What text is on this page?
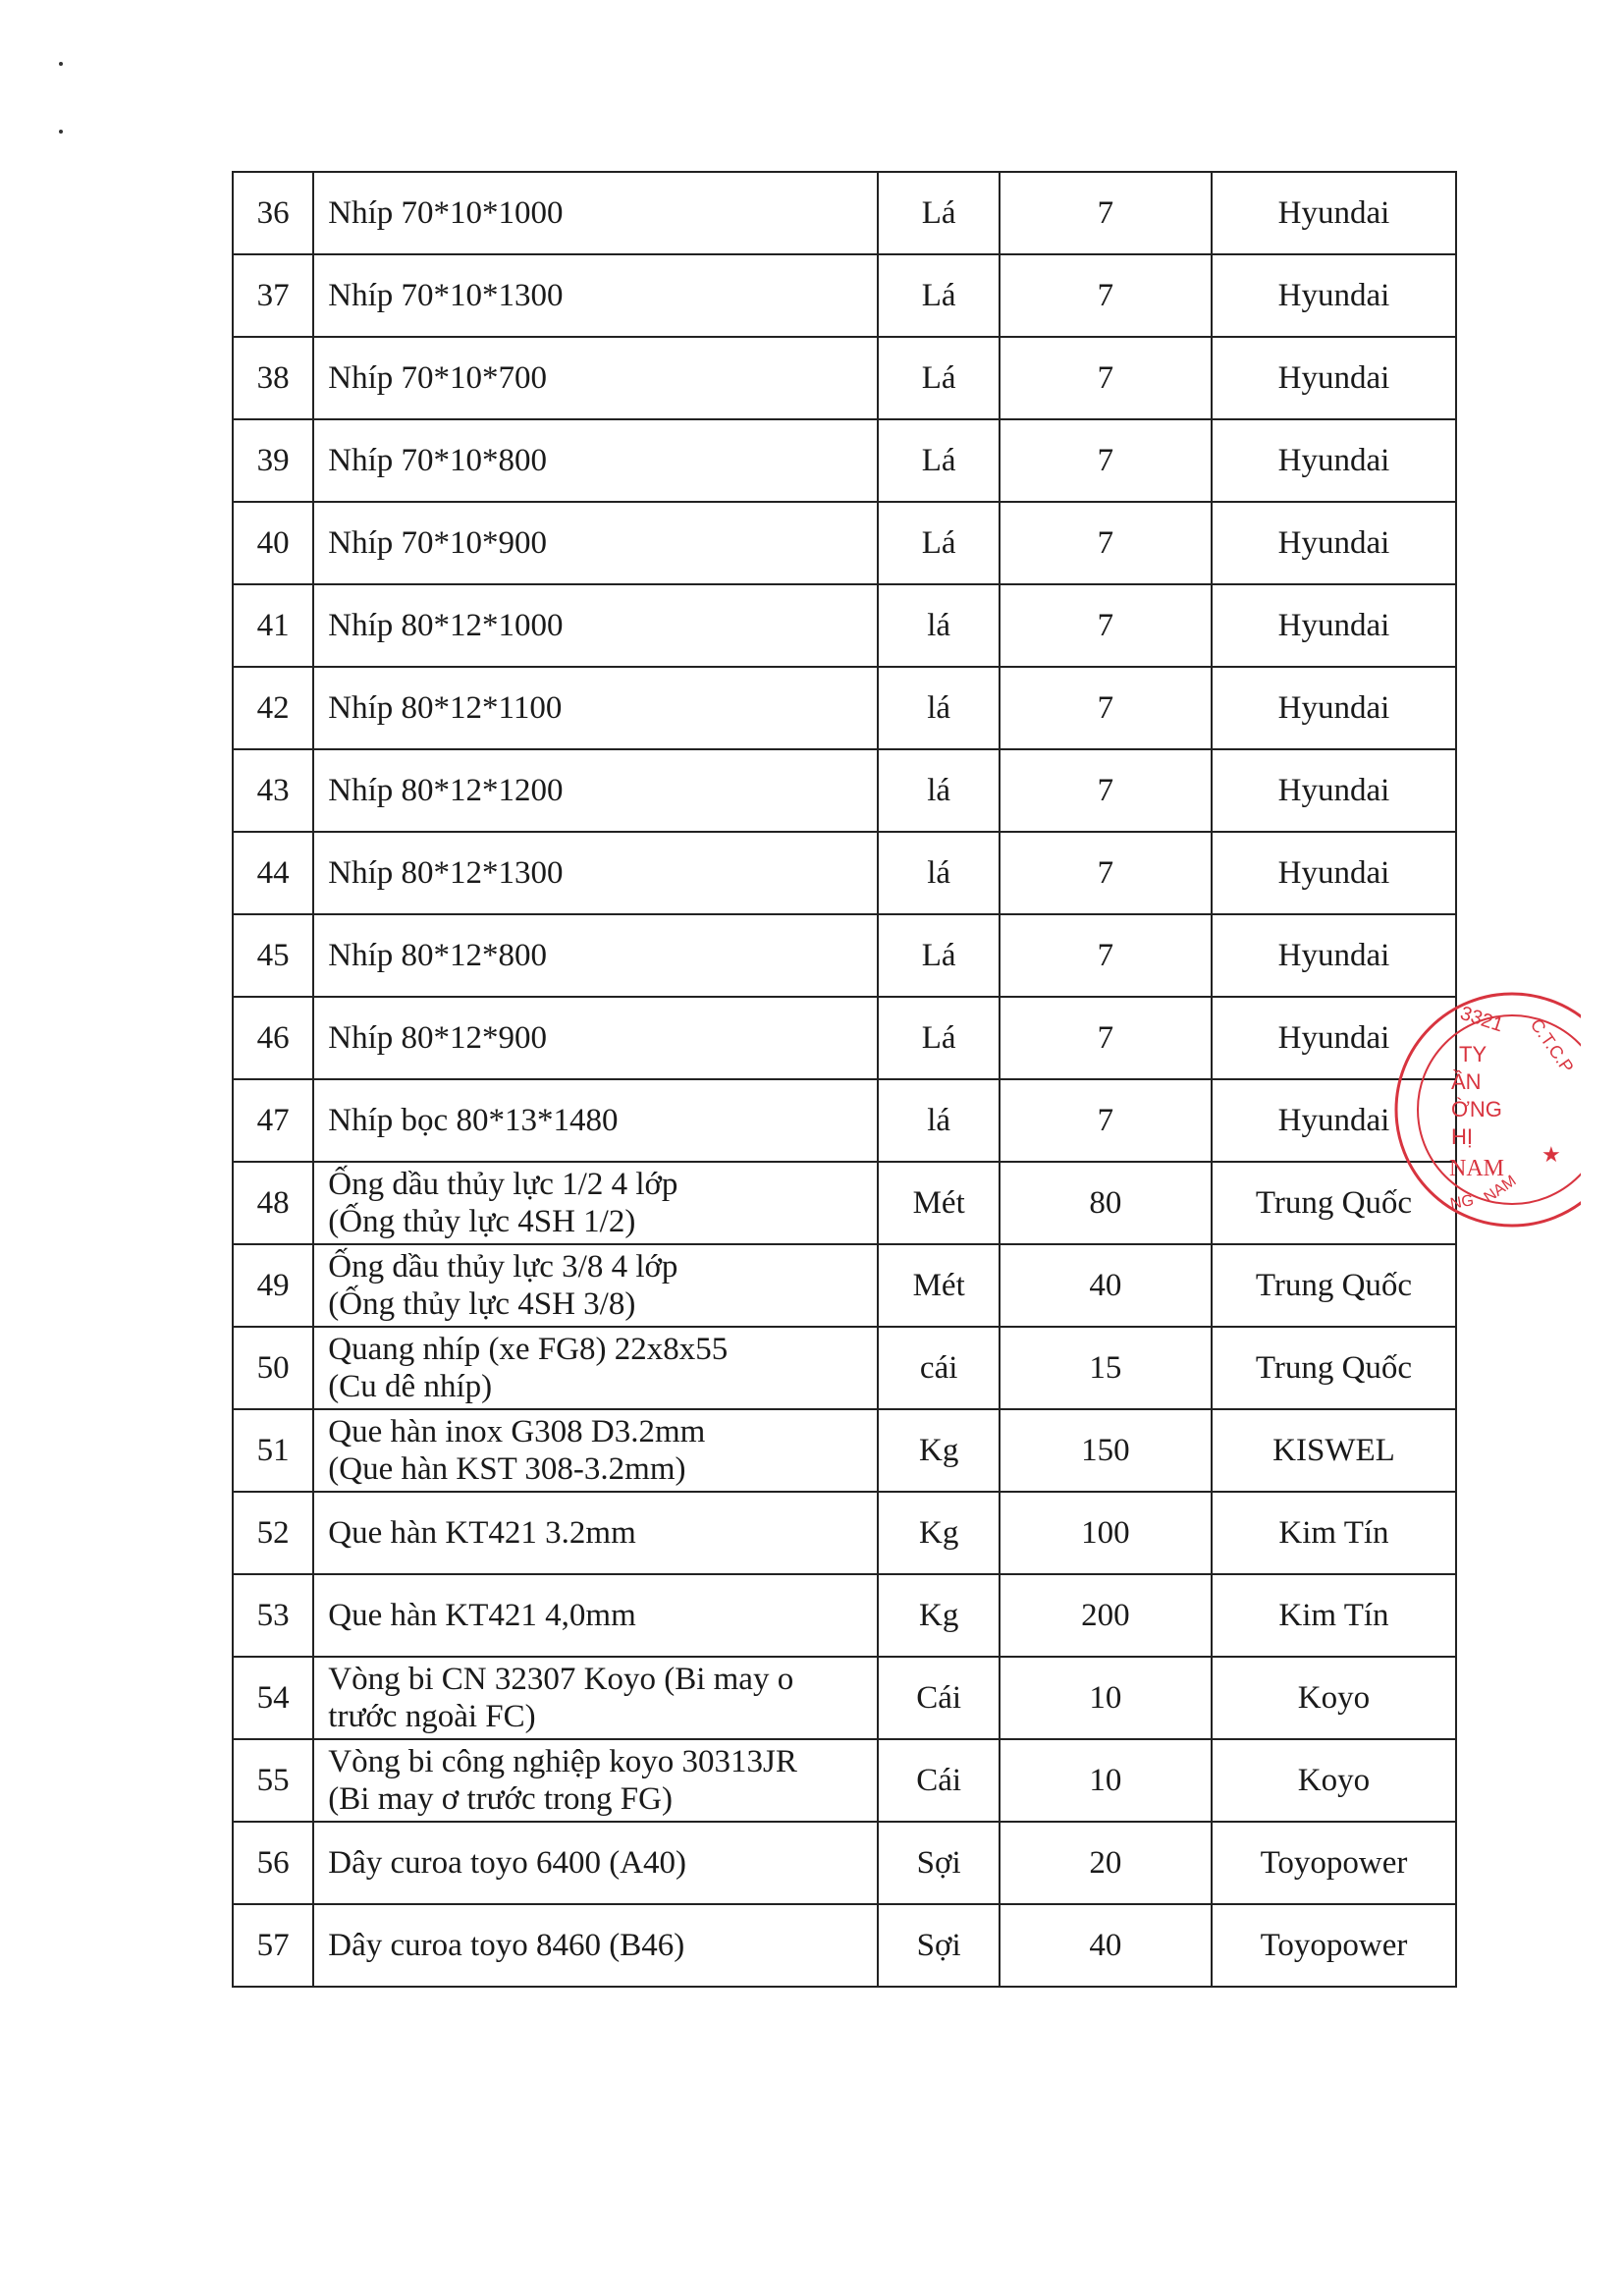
36	Nhíp 70*10*1000	Lá	7	Hyundai
37	Nhíp 70*10*1300	Lá	7	Hyundai
38	Nhíp 70*10*700	Lá	7	Hyundai
39	Nhíp 70*10*800	Lá	7	Hyundai
40	Nhíp 70*10*900	Lá	7	Hyundai
41	Nhíp 80*12*1000	lá	7	Hyundai
42	Nhíp 80*12*1100	lá	7	Hyundai
43	Nhíp 80*12*1200	lá	7	Hyundai
44	Nhíp 80*12*1300	lá	7	Hyundai
45	Nhíp 80*12*800	Lá	7	Hyundai
46	Nhíp 80*12*900	Lá	7	Hyundai
47	Nhíp bọc 80*13*1480	lá	7	Hyundai
48	Ống dầu thủy lực 1/2 4 lớp
(Ống thủy lực 4SH 1/2)	Mét	80	Trung Quốc
49	Ống dầu thủy lực 3/8 4 lớp
(Ống thủy lực 4SH 3/8)	Mét	40	Trung Quốc
50	Quang nhíp (xe FG8) 22x8x55
(Cu dê nhíp)	cái	15	Trung Quốc
51	Que hàn inox G308 D3.2mm
(Que hàn KST 308-3.2mm)	Kg	150	KISWEL
52	Que hàn KT421 3.2mm	Kg	100	Kim Tín
53	Que hàn KT421 4,0mm	Kg	200	Kim Tín
54	Vòng bi CN 32307 Koyo (Bi may o
trước ngoài FC)	Cái	10	Koyo
55	Vòng bi công nghiệp koyo 30313JR
(Bi may ơ trước trong FG)	Cái	10	Koyo
56	Dây curoa toyo 6400 (A40)	Sợi	20	Toyopower
57	Dây curoa toyo 8460 (B46)	Sợi	40	Toyopower
3321 C.T.C.P
TY
ẦN
ỜNG
HỊ
NAM
★
NG NAM
